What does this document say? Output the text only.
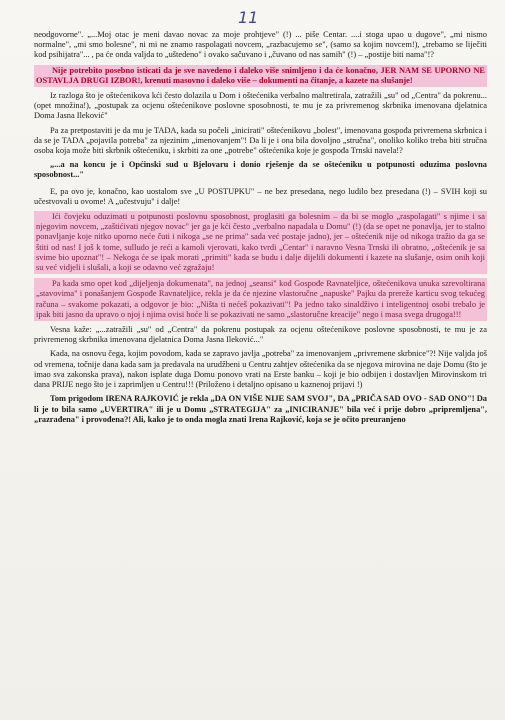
11

neodgovorne". „...Moj otac je meni davao novac za moje prohtjeve" (!) ... piše Centar. ....i stoga upao u dugove", „mi nismo normalne", „mi smo bolesne", ni mi ne znamo raspolagati novcem, „razbacujemo se", (samo sa kojim novcem!), „trebamo se liječiti kod psihijatra"... , pa će onda valjda to „uštedeno" i ovako sačuvano i „čuvano od nas samih" (!) – „postije biti nama"!?

Nije potrebito posebno isticati da je sve navedeno i daleko više snimljeno i da će konačno, JER NAM SE UPORNO NE OSTAVLJA DRUGI IZBOR!, krenuti masovno i daleko više – dokumenti na čitanje, a kazete na slušanje!

Iz razloga što je oštećenikova kći često dolazila u Dom i oštećenika verbalno maltretirala, zatražili „su" od „Centra" da pokrenu... (opet množina!), „postupak za ocjenu oštećenikove poslovne sposobnosti, te mu je za privremenog skrbnika imenovana djelatnica Doma Jasna Ileković"

Pa za pretpostaviti je da mu je TADA, kada su počeli „inicirati" oštećenikovu „bolest", imenovana gospođa privremena skrbnica i da se je TADA „pojavila potreba" za njezinim „imenovanjem"! Da li je i ona bila dovoljno „stručna", onoliko koliko treba biti stručna osoba koja može biti skrbnik oštećeniku, i skrbiti za one „potrebe" oštećenika koje je gospođa Trnski navela!?

„...a na koncu je i Općinski sud u Bjelovaru i donio rješenje da se oštećeniku u potpunosti oduzima poslovna sposobnost..."

E, pa ovo je, konačno, kao uostalom sve „U POSTUPKU" – ne bez presedana, nego ludilo bez presedana (!) – SVIH koji su učestvovali u ovome! A „učestvuju" i dalje!

Ići čovjeku oduzimati u potpunosti poslovnu sposobnost, proglasiti ga bolesnim – da bi se moglo „raspolagati" s njime i sa njegovim novcem, „zaštićivati njegov novac" jer ga je kći često „verbalno napadala u Domu" (!) (da se opet ne ponavlja, jer to stalno ponavljanje koje nitko uporno neće čuti i nikoga „se ne prima" sada već postaje jadno), jer – oštećenik nije od nikoga tražio da ga se štiti od nas! I još k tome, sulludo je reći a kamoli vjerovati, kako tvrdi „Centar" i naravno Vesna Trnski ili obratno, „oštećenik je sa svime bio upoznat"! – Nekoga će se ipak morati „primiti" kada se budu i dalje dijelili dokumenti i kazete na slušanje, osim onih koji su već vidjeli i slušali, a koji se odavno već zgražaju!

Pa kada smo opet kod „dijeljenja dokumenata", na jednoj „seansi" kod Gospođe Ravnateljice, oštećenikova unuka szrevoltirana „stavovima" i ponašanjem Gospođe Ravnateljice, rekla je da će njezine vlastoručne „napuske" Pajku da prereže karticu svog tekućeg računa – svakome pokazati, a odgovor je bio: „Ništa ti nećeš pokazivati"! Pa jedno tako sinaldživo i inteligentnoj osobi trebalo je ipak biti jasno da upravo o njoj i njima ovisi hoće li se pokazivati ne samo „slastoručne kreacije" nego i masa svega drugoga!!!

Vesna kaže: „...zatražili „su" od „Centra" da pokrenu postupak za ocjenu oštećenikove poslovne sposobnosti, te mu je za privremenog skrbnika imenovana djelatnica Doma Jasna Ileković..."

Kada, na osnovu čega, kojim povodom, kada se zapravo javlja „potreba" za imenovanjem „privremene skrbnice"?! Nije valjda još od vremena, točnije dana kada sam ja predavala na urudžbeni u Centru zahtjev oštećenika da se njegova mirovina ne daje Domu (što je imao sva zakonska prava), nakon isplate duga Domu ponovo vrati na Erste banku – koji je bio odbijen i dostavljen Mirovinskom tri dana PRIJE nego što je i zaprimljen u Centru!!! (Priloženo i detaljno opisano u kaznenoj prijavi !)

Tom prigodom IRENA RAJKOVIĆ je rekla „DA ON VIŠE NIJE SAM SVOJ", DA „PRIČA SAD OVO - SAD ONO"! Da li je to bila samo „UVERTIRA" ili je u Domu „STRATEGIJA" za „INICIRANJE" bila već i prije dobro „pripremljena", „razrađena" i provođena?! Ali, kako je to onda mogla znati Irena Rajković, koja se je očito preuranjeno
